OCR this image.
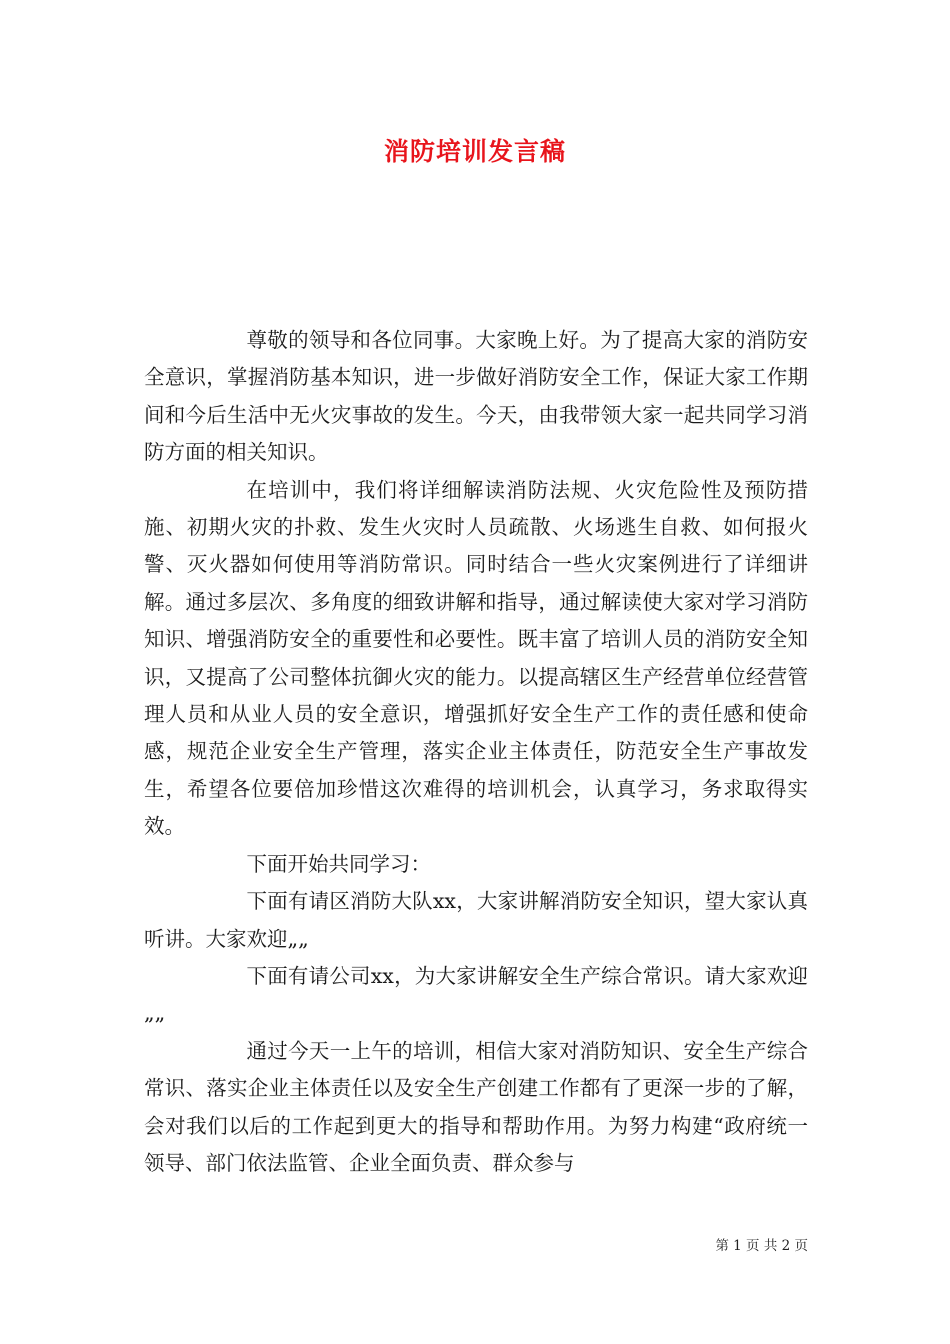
消防培训发言稿

尊敬的领导和各位同事。大家晚上好。为了提高大家的消防安全意识，掌握消防基本知识，进一步做好消防安全工作，保证大家工作期间和今后生活中无火灾事故的发生。今天，由我带领大家一起共同学习消防方面的相关知识。

在培训中，我们将详细解读消防法规、火灾危险性及预防措施、初期火灾的扑救、发生火灾时人员疏散、火场逃生自救、如何报火警、灭火器如何使用等消防常识。同时结合一些火灾案例进行了详细讲解。通过多层次、多角度的细致讲解和指导，通过解读使大家对学习消防知识、增强消防安全的重要性和必要性。既丰富了培训人员的消防安全知识，又提高了公司整体抗御火灾的能力。以提高辖区生产经营单位经营管理人员和从业人员的安全意识，增强抓好安全生产工作的责任感和使命感，规范企业安全生产管理，落实企业主体责任，防范安全生产事故发生，希望各位要倍加珍惜这次难得的培训机会，认真学习，务求取得实效。

下面开始共同学习：

下面有请区消防大队xx，大家讲解消防安全知识，望大家认真听讲。大家欢迎„„

下面有请公司xx，为大家讲解安全生产综合常识。请大家欢迎„„

通过今天一上午的培训，相信大家对消防知识、安全生产综合常识、落实企业主体责任以及安全生产创建工作都有了更深一步的了解，会对我们以后的工作起到更大的指导和帮助作用。为努力构建“政府统一领导、部门依法监管、企业全面负责、群众参与

第 1 页 共 2 页
